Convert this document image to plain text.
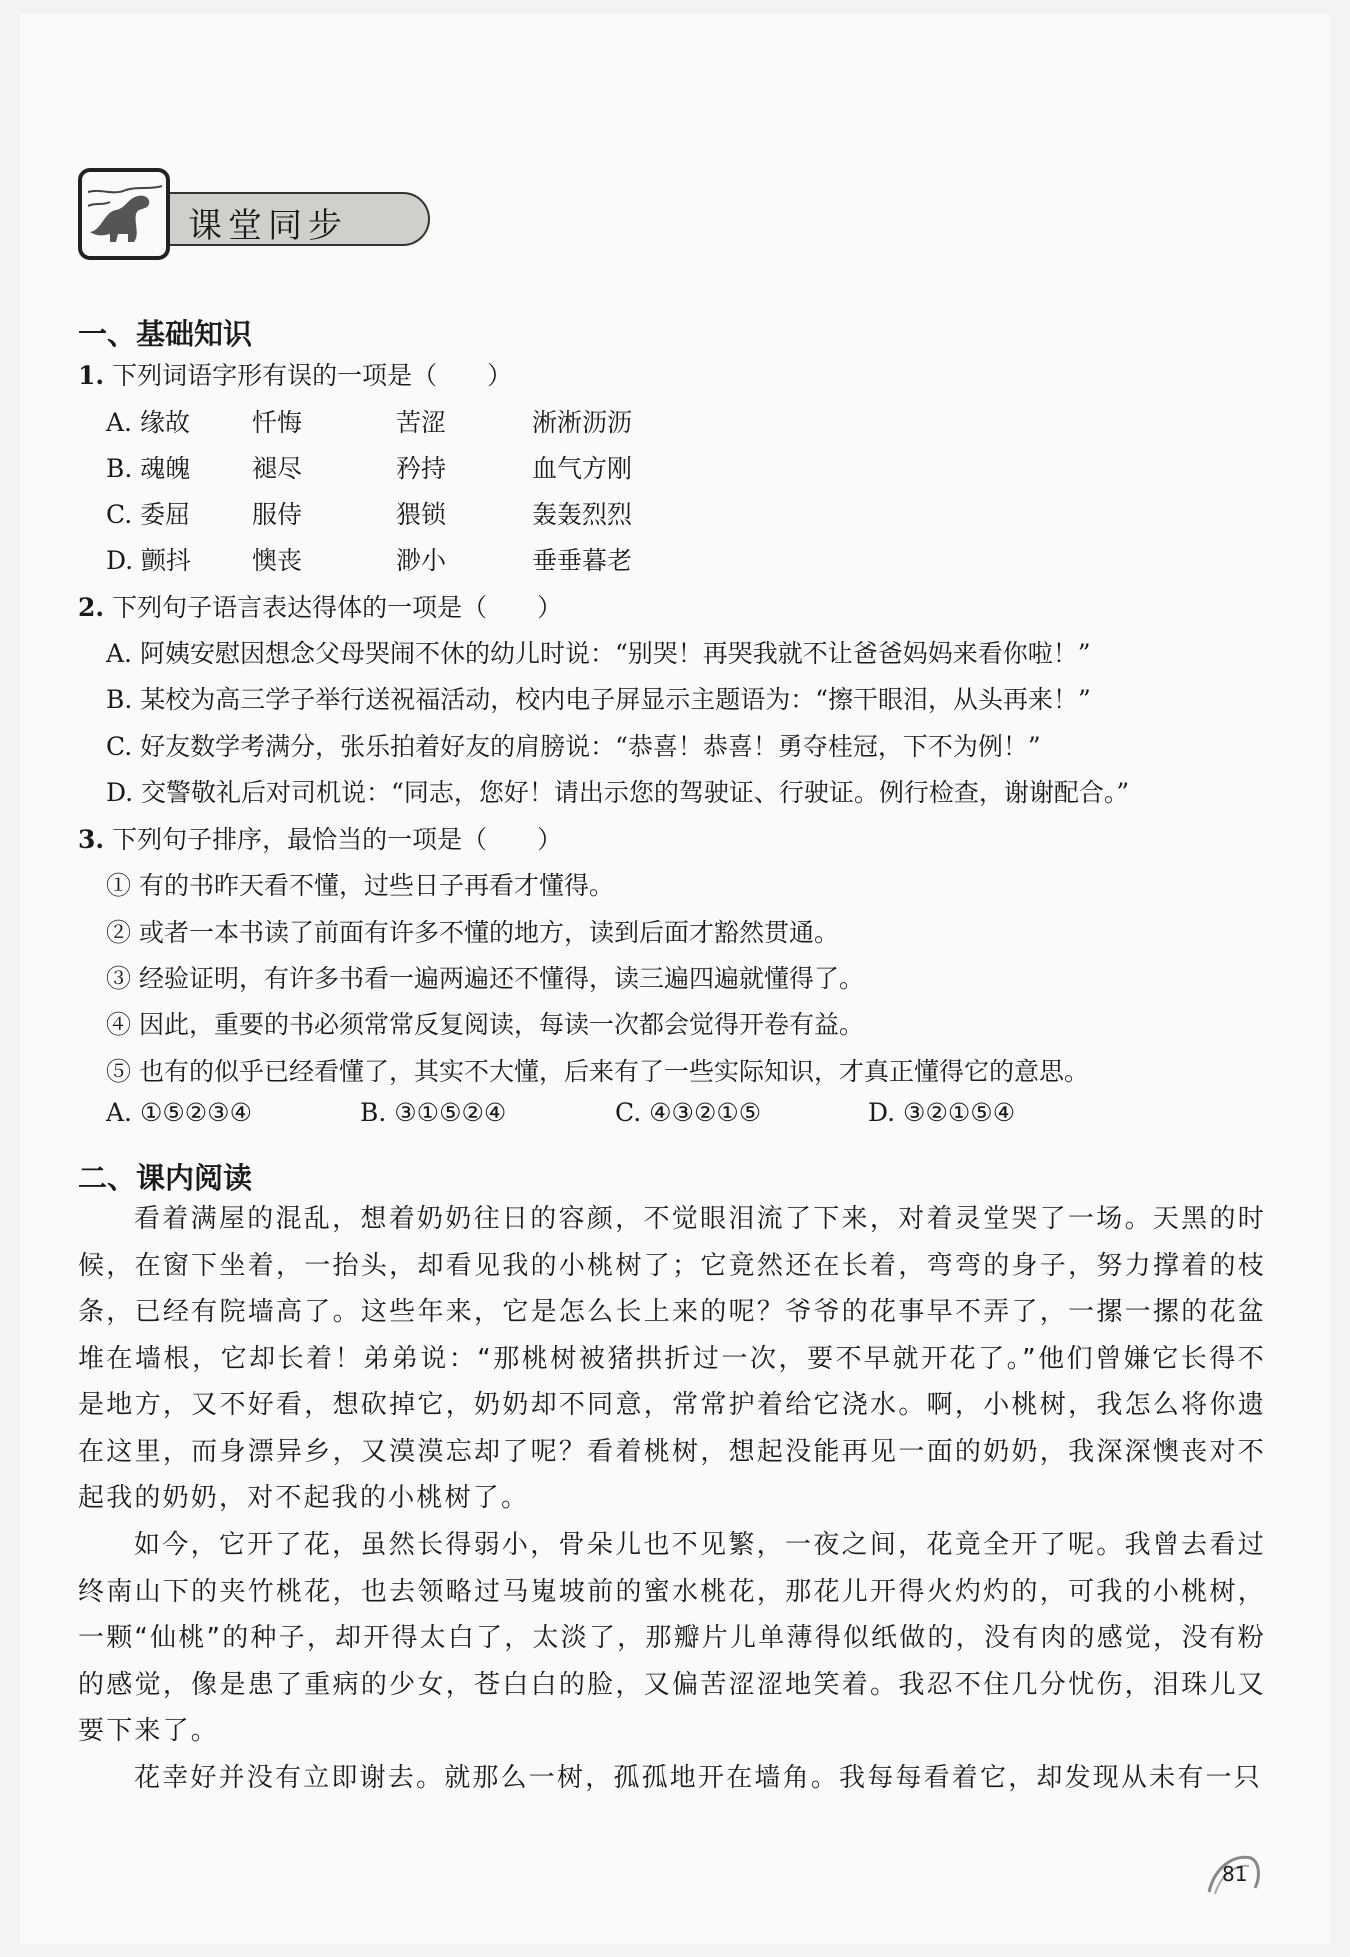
课堂同步
一、基础知识
1. 下列词语字形有误的一项是（　　）
A. 缘故 忏悔	苦涩	淅淅沥沥
B. 魂魄 褪尽	矜持	血气方刚
C. 委屈 服侍	猥锁	轰轰烈烈
D. 颤抖 懊丧	渺小	垂垂暮老
2. 下列句子语言表达得体的一项是（　　）
A. 阿姨安慰因想念父母哭闹不休的幼儿时说：“别哭！再哭我就不让爸爸妈妈来看你啦！”
B. 某校为高三学子举行送祝福活动，校内电子屏显示主题语为：“擦干眼泪，从头再来！”
C. 好友数学考满分，张乐拍着好友的肩膀说：“恭喜！恭喜！勇夺桂冠，下不为例！”
D. 交警敬礼后对司机说：“同志，您好！请出示您的驾驶证、行驶证。例行检查，谢谢配合。”
3. 下列句子排序，最恰当的一项是（　　）
① 有的书昨天看不懂，过些日子再看才懂得。
② 或者一本书读了前面有许多不懂的地方，读到后面才豁然贯通。
③ 经验证明，有许多书看一遍两遍还不懂得，读三遍四遍就懂得了。
④ 因此，重要的书必须常常反复阅读，每读一次都会觉得开卷有益。
⑤ 也有的似乎已经看懂了，其实不大懂，后来有了一些实际知识，才真正懂得它的意思。
A. ①⑤②③④	B. ③①⑤②④	C. ④③②①⑤	D. ③②①⑤④
二、课内阅读
看着满屋的混乱，想着奶奶往日的容颜，不觉眼泪流了下来，对着灵堂哭了一场。天黑的时候，在窗下坐着，一抬头，却看见我的小桃树了；它竟然还在长着，弯弯的身子，努力撑着的枝条，已经有院墙高了。这些年来，它是怎么长上来的呢？爷爷的花事早不弄了，一摞一摞的花盆堆在墙根，它却长着！弟弟说：“那桃树被猪拱折过一次，要不早就开花了。”他们曾嫌它长得不是地方，又不好看，想砍掉它，奶奶却不同意，常常护着给它浇水。啊，小桃树，我怎么将你遗在这里，而身漂异乡，又漠漠忘却了呢？看着桃树，想起没能再见一面的奶奶，我深深懊丧对不起我的奶奶，对不起我的小桃树了。
如今，它开了花，虽然长得弱小，骨朵儿也不见繁，一夜之间，花竟全开了呢。我曾去看过终南山下的夹竹桃花，也去领略过马嵬坡前的蜜水桃花，那花儿开得火灼灼的，可我的小桃树，一颗“仙桃”的种子，却开得太白了，太淡了，那瓣片儿单薄得似纸做的，没有肉的感觉，没有粉的感觉，像是患了重病的少女，苍白白的脸，又偏苦涩涩地笑着。我忍不住几分忧伤，泪珠儿又要下来了。
花幸好并没有立即谢去。就那么一树，孤孤地开在墙角。我每每看着它，却发现从未有一只
81
